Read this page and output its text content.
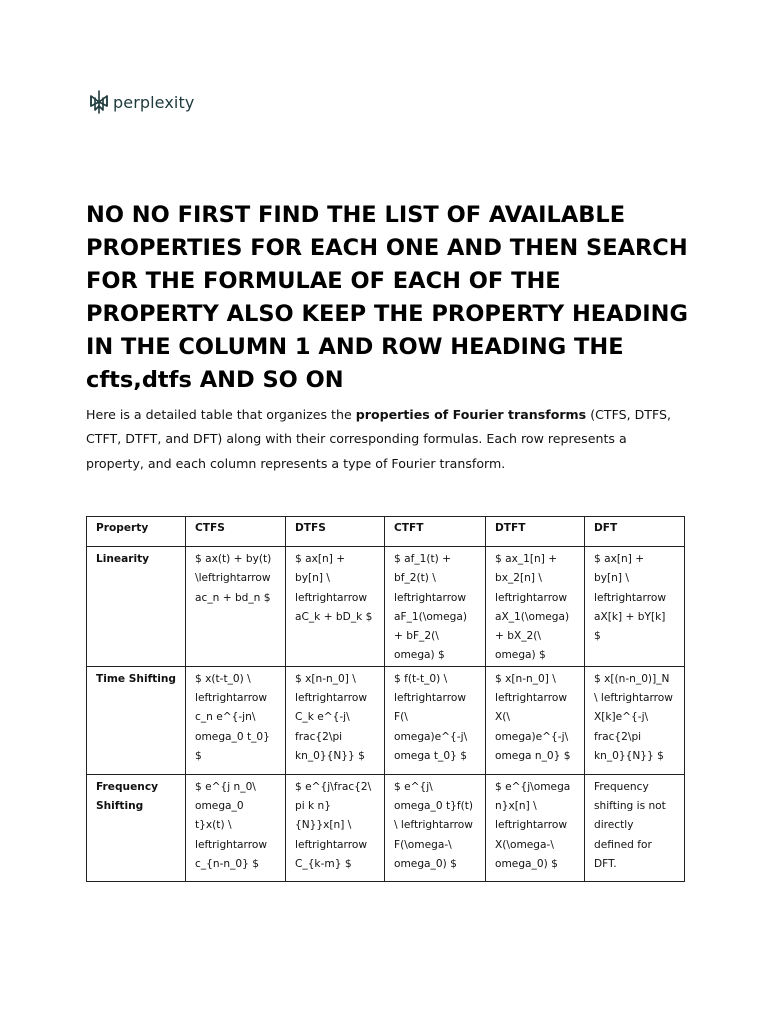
perplexity
NO NO FIRST FIND THE LIST OF AVAILABLE PROPERTIES FOR EACH ONE AND THEN SEARCH FOR THE FORMULAE OF EACH OF THE PROPERTY ALSO KEEP THE PROPERTY HEADING IN THE COLUMN 1 AND ROW HEADING THE cfts,dtfs AND SO ON

Here is a detailed table that organizes the properties of Fourier transforms (CTFS, DTFS, CTFT, DTFT, and DFT) along with their corresponding formulas. Each row represents a property, and each column represents a type of Fourier transform.

Property	CTFS	DTFS	CTFT	DTFT	DFT
Linearity	$ ax(t) + by(t) \leftrightarrow ac_n + bd_n $	$ ax[n] + by[n] \ leftrightarrow aC_k + bD_k $	$ af_1(t) + bf_2(t) \ leftrightarrow aF_1(\omega) + bF_2(\ omega) $	$ ax_1[n] + bx_2[n] \ leftrightarrow aX_1(\omega) + bX_2(\ omega) $	$ ax[n] + by[n] \ leftrightarrow aX[k] + bY[k] $
Time Shifting	$ x(t-t_0) \ leftrightarrow c_n e^{-jn\ omega_0 t_0} $	$ x[n-n_0] \ leftrightarrow C_k e^{-j\ frac{2\pi kn_0}{N}} $	$ f(t-t_0) \ leftrightarrow F(\ omega)e^{-j\ omega t_0} $	$ x[n-n_0] \ leftrightarrow X(\ omega)e^{-j\ omega n_0} $	$ x[(n-n_0)]_N \ leftrightarrow X[k]e^{-j\ frac{2\pi kn_0}{N}} $
Frequency Shifting	$ e^{j n_0\ omega_0 t}x(t) \ leftrightarrow c_{n-n_0} $	$ e^{j\frac{2\ pi k n} {N}}x[n] \ leftrightarrow C_{k-m} $	$ e^{j\ omega_0 t}f(t) \ leftrightarrow F(\omega-\ omega_0) $	$ e^{j\omega n}x[n] \ leftrightarrow X(\omega-\ omega_0) $	Frequency shifting is not directly defined for DFT.
